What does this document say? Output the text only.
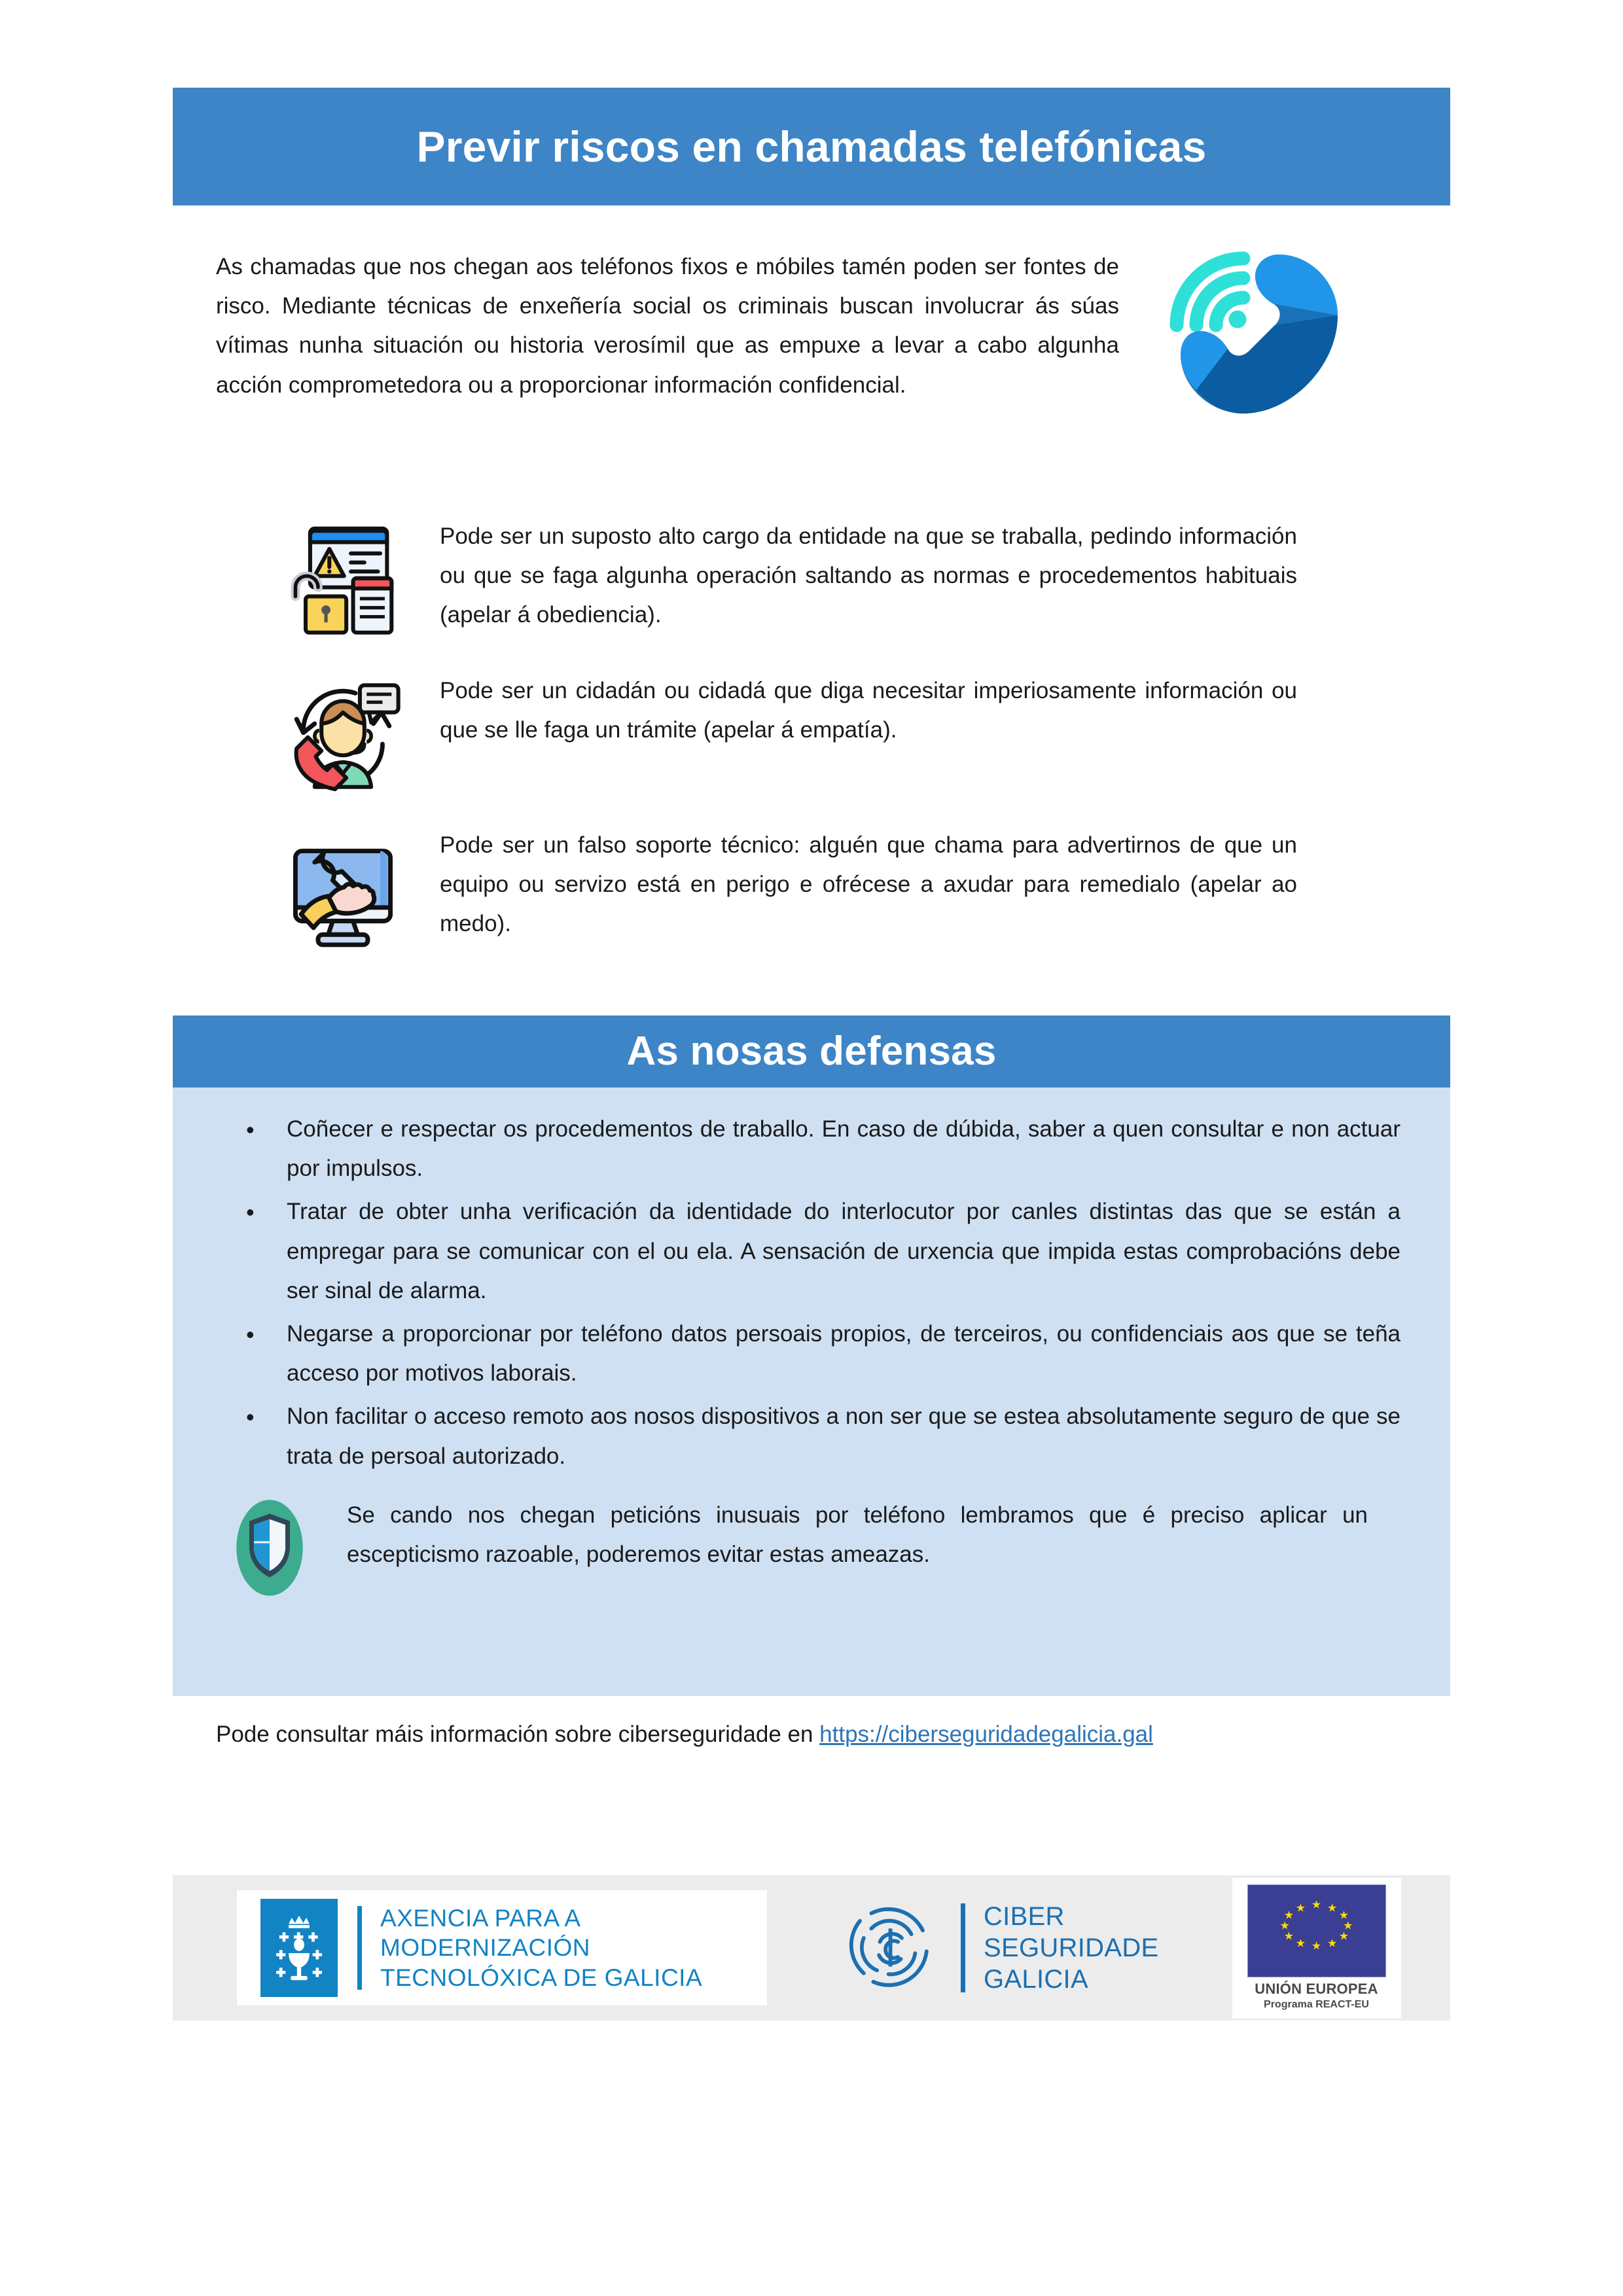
Previr riscos en chamadas telefónicas

As chamadas que nos chegan aos teléfonos fixos e móbiles tamén poden ser fontes de risco. Mediante técnicas de enxeñería social os criminais buscan involucrar ás súas vítimas nunha situación ou historia verosímil que as empuxe a levar a cabo algunha acción comprometedora ou a proporcionar información confidencial.

Pode ser un suposto alto cargo da entidade na que se traballa, pedindo información ou que se faga algunha operación saltando as normas e procedementos habituais (apelar á obediencia).

Pode ser un cidadán ou cidadá que diga necesitar imperiosamente información ou que se lle faga un trámite (apelar á empatía).

Pode ser un falso soporte técnico: alguén que chama para advertirnos de que un equipo ou servizo está en perigo e ofrécese a axudar para remedialo (apelar ao medo).

As nosas defensas
• Coñecer e respectar os procedementos de traballo. En caso de dúbida, saber a quen consultar e non actuar por impulsos.
• Tratar de obter unha verificación da identidade do interlocutor por canles distintas das que se están a empregar para se comunicar con el ou ela. A sensación de urxencia que impida estas comprobacións debe ser sinal de alarma.
• Negarse a proporcionar por teléfono datos persoais propios, de terceiros, ou confidenciais aos que se teña acceso por motivos laborais.
• Non facilitar o acceso remoto aos nosos dispositivos a non ser que se estea absolutamente seguro de que se trata de persoal autorizado.

Se cando nos chegan peticións inusuais por teléfono lembramos que é preciso aplicar un escepticismo razoable, poderemos evitar estas ameazas.

Pode consultar máis información sobre ciberseguridade en https://ciberseguridadegalicia.gal
AXENCIA PARA A
MODERNIZACIÓN
TECNOLÓXICA DE GALICIA
CIBER
SEGURIDADE
GALICIA
★ ★
★
★
★
★
★
★
★
★
★
★
UNIÓN EUROPEA
Programa REACT-EU
